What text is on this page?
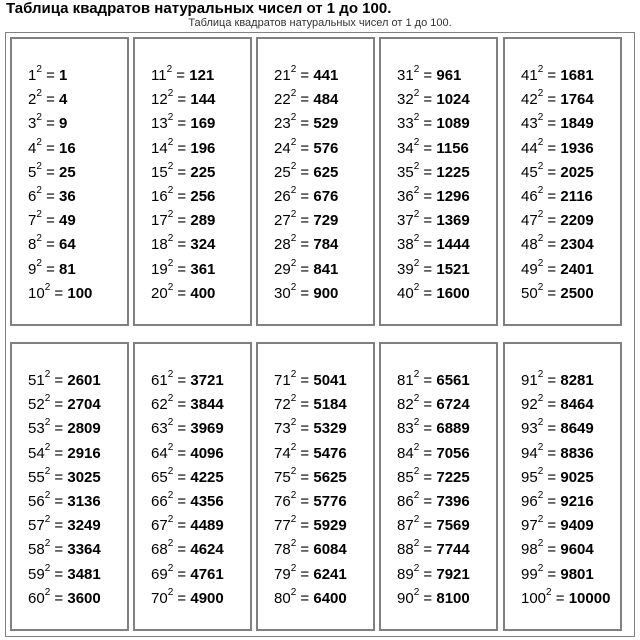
Таблица квадратов натуральных чисел от 1 до 100.
Таблица квадратов натуральных чисел от 1 до 100.
$1^2 = 1$
$2^2 = 4$
$3^2 = 9$
$4^2 = 16$
$5^2 = 25$
$6^2 = 36$
$7^2 = 49$
$8^2 = 64$
$9^2 = 81$
$10^2 = 100$
$11^2 = 121$
$12^2 = 144$
$13^2 = 169$
$14^2 = 196$
$15^2 = 225$
$16^2 = 256$
$17^2 = 289$
$18^2 = 324$
$19^2 = 361$
$20^2 = 400$
$21^2 = 441$
$22^2 = 484$
$23^2 = 529$
$24^2 = 576$
$25^2 = 625$
$26^2 = 676$
$27^2 = 729$
$28^2 = 784$
$29^2 = 841$
$30^2 = 900$
$31^2 = 961$
$32^2 = 1024$
$33^2 = 1089$
$34^2 = 1156$
$35^2 = 1225$
$36^2 = 1296$
$37^2 = 1369$
$38^2 = 1444$
$39^2 = 1521$
$40^2 = 1600$
$41^2 = 1681$
$42^2 = 1764$
$43^2 = 1849$
$44^2 = 1936$
$45^2 = 2025$
$46^2 = 2116$
$47^2 = 2209$
$48^2 = 2304$
$49^2 = 2401$
$50^2 = 2500$
$51^2 = 2601$
$52^2 = 2704$
$53^2 = 2809$
$54^2 = 2916$
$55^2 = 3025$
$56^2 = 3136$
$57^2 = 3249$
$58^2 = 3364$
$59^2 = 3481$
$60^2 = 3600$
$61^2 = 3721$
$62^2 = 3844$
$63^2 = 3969$
$64^2 = 4096$
$65^2 = 4225$
$66^2 = 4356$
$67^2 = 4489$
$68^2 = 4624$
$69^2 = 4761$
$70^2 = 4900$
$71^2 = 5041$
$72^2 = 5184$
$73^2 = 5329$
$74^2 = 5476$
$75^2 = 5625$
$76^2 = 5776$
$77^2 = 5929$
$78^2 = 6084$
$79^2 = 6241$
$80^2 = 6400$
$81^2 = 6561$
$82^2 = 6724$
$83^2 = 6889$
$84^2 = 7056$
$85^2 = 7225$
$86^2 = 7396$
$87^2 = 7569$
$88^2 = 7744$
$89^2 = 7921$
$90^2 = 8100$
$91^2 = 8281$
$92^2 = 8464$
$93^2 = 8649$
$94^2 = 8836$
$95^2 = 9025$
$96^2 = 9216$
$97^2 = 9409$
$98^2 = 9604$
$99^2 = 9801$
$100^2 = 10000$
